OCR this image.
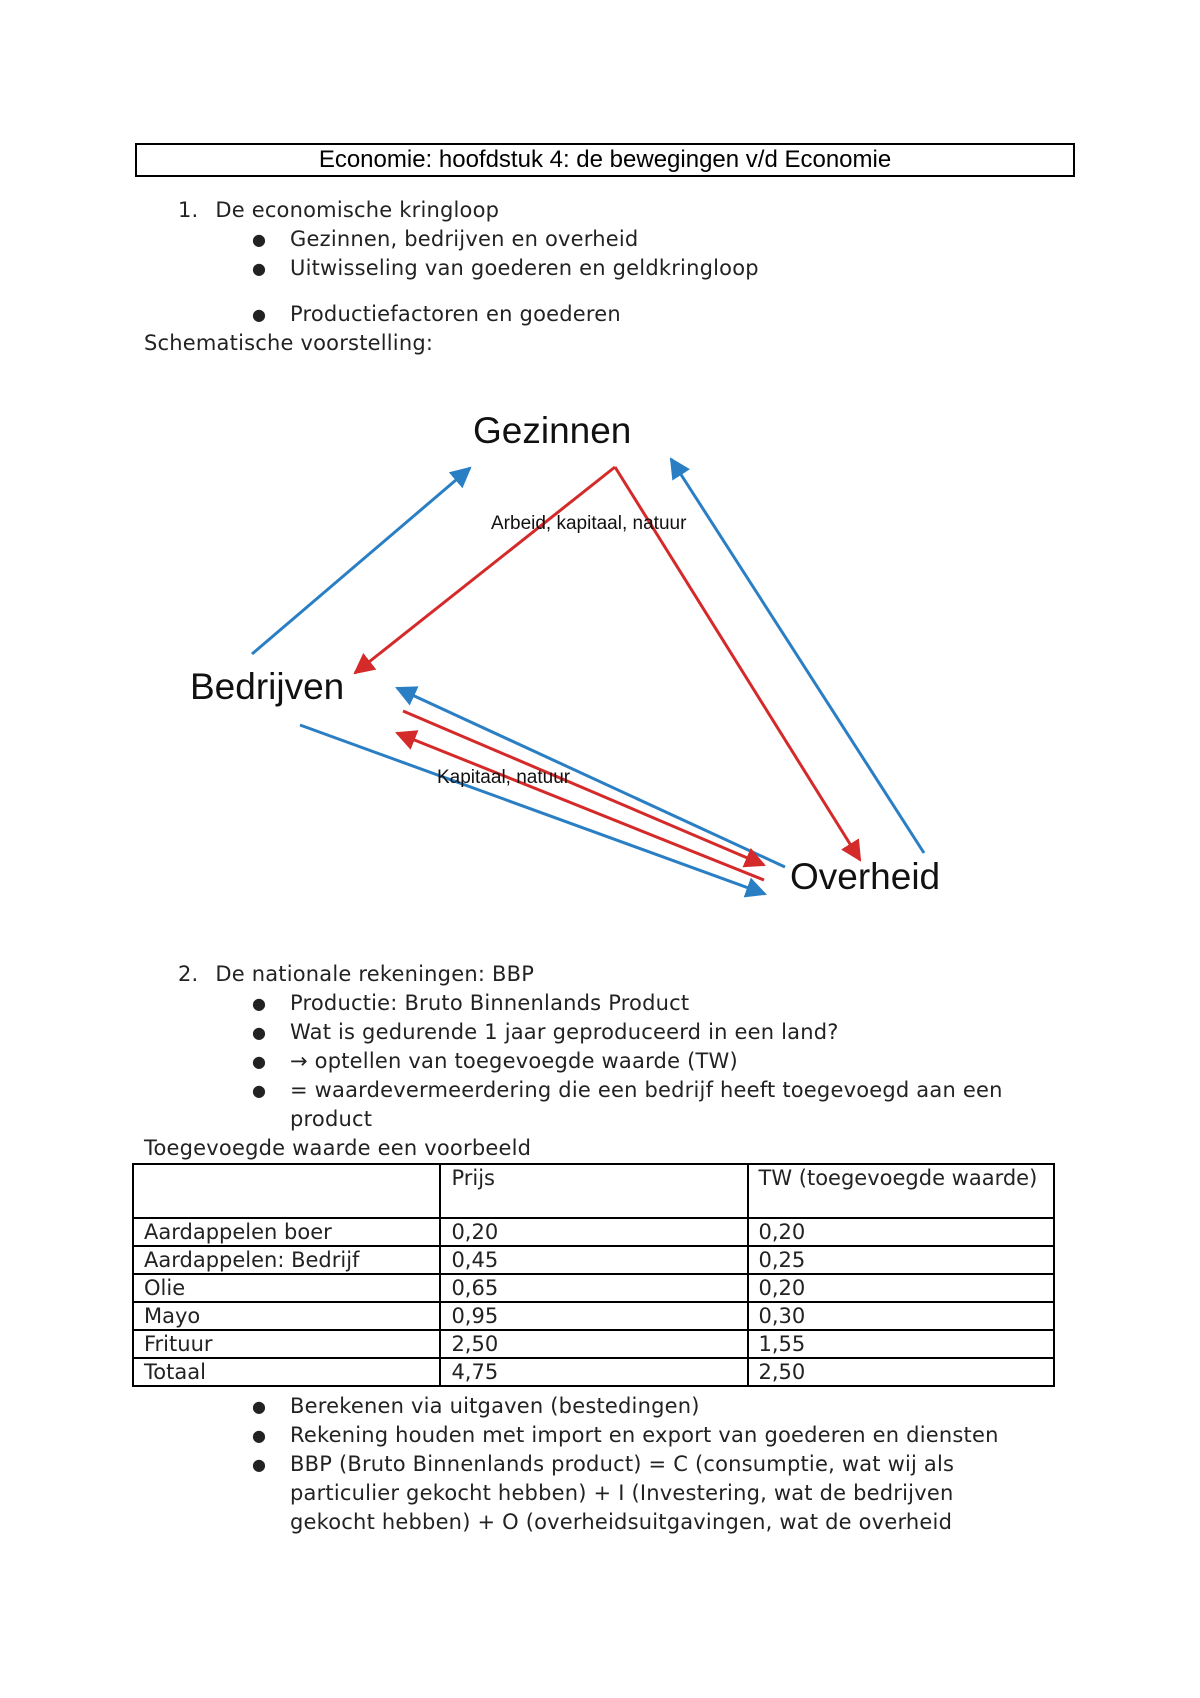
Economie: hoofdstuk 4: de bewegingen v/d Economie
1. De economische kringloop
● Gezinnen, bedrijven en overheid
● Uitwisseling van goederen en geldkringloop
● Productiefactoren en goederen
Schematische voorstelling:
Gezinnen
Bedrijven
Overheid
Arbeid, kapitaal, natuur
Kapitaal, natuur
2. De nationale rekeningen: BBP
● Productie: Bruto Binnenlands Product
● Wat is gedurende 1 jaar geproduceerd in een land?
● → optellen van toegevoegde waarde (TW)
● = waardevermeerdering die een bedrijf heeft toegevoegd aan een
product
Toegevoegde waarde een voorbeeld
	Prijs	TW (toegevoegde waarde)
Aardappelen boer	0,20	0,20
Aardappelen: Bedrijf	0,45	0,25
Olie	0,65	0,20
Mayo	0,95	0,30
Frituur	2,50	1,55
Totaal	4,75	2,50
● Berekenen via uitgaven (bestedingen)
● Rekening houden met import en export van goederen en diensten
● BBP (Bruto Binnenlands product) = C (consumptie, wat wij als
particulier gekocht hebben) + I (Investering, wat de bedrijven
gekocht hebben) + O (overheidsuitgavingen, wat de overheid
